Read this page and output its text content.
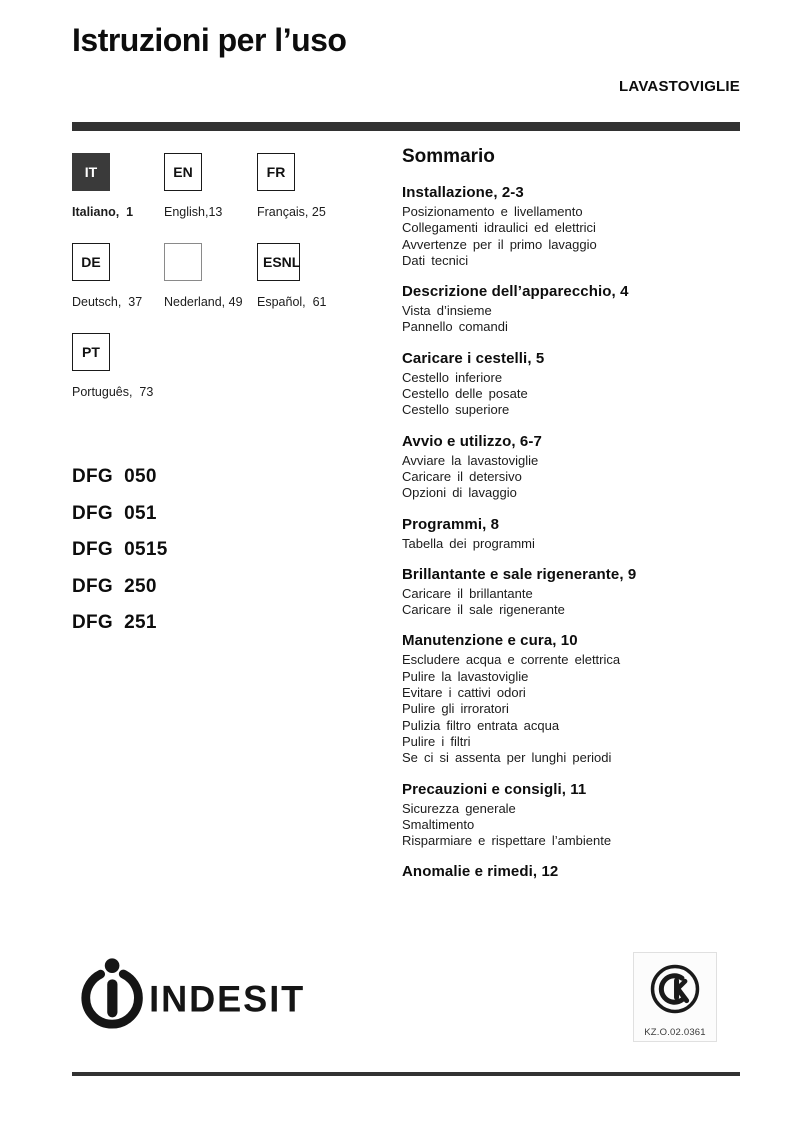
Istruzioni per l’uso
LAVASTOVIGLIE
IT
Italiano,  1
EN
English,13
FR
Français, 25
DE
Deutsch,  37	Nederland, 49
ESNL
Español,  61
PT
Português,  73
DFG  050
DFG  051
DFG  0515
DFG  250
DFG  251
Sommario
Installazione, 2-3
Posizionamento e livellamento
Collegamenti idraulici ed elettrici
Avvertenze per il primo lavaggio
Dati tecnici
Descrizione dell’apparecchio, 4
Vista d’insieme
Pannello comandi
Caricare i cestelli, 5
Cestello inferiore
Cestello delle posate
Cestello superiore
Avvio e utilizzo, 6-7
Avviare la lavastoviglie
Caricare il detersivo
Opzioni di lavaggio
Programmi, 8
Tabella dei programmi
Brillantante e sale rigenerante, 9
Caricare il brillantante
Caricare il sale rigenerante
Manutenzione e cura, 10
Escludere acqua e corrente elettrica
Pulire la lavastoviglie
Evitare i cattivi odori
Pulire gli irroratori
Pulizia filtro entrata acqua
Pulire i filtri
Se ci si assenta per lunghi periodi
Precauzioni e consigli, 11
Sicurezza generale
Smaltimento
Risparmiare e rispettare l’ambiente
Anomalie e rimedi, 12
INDESIT
KZ.O.02.0361
